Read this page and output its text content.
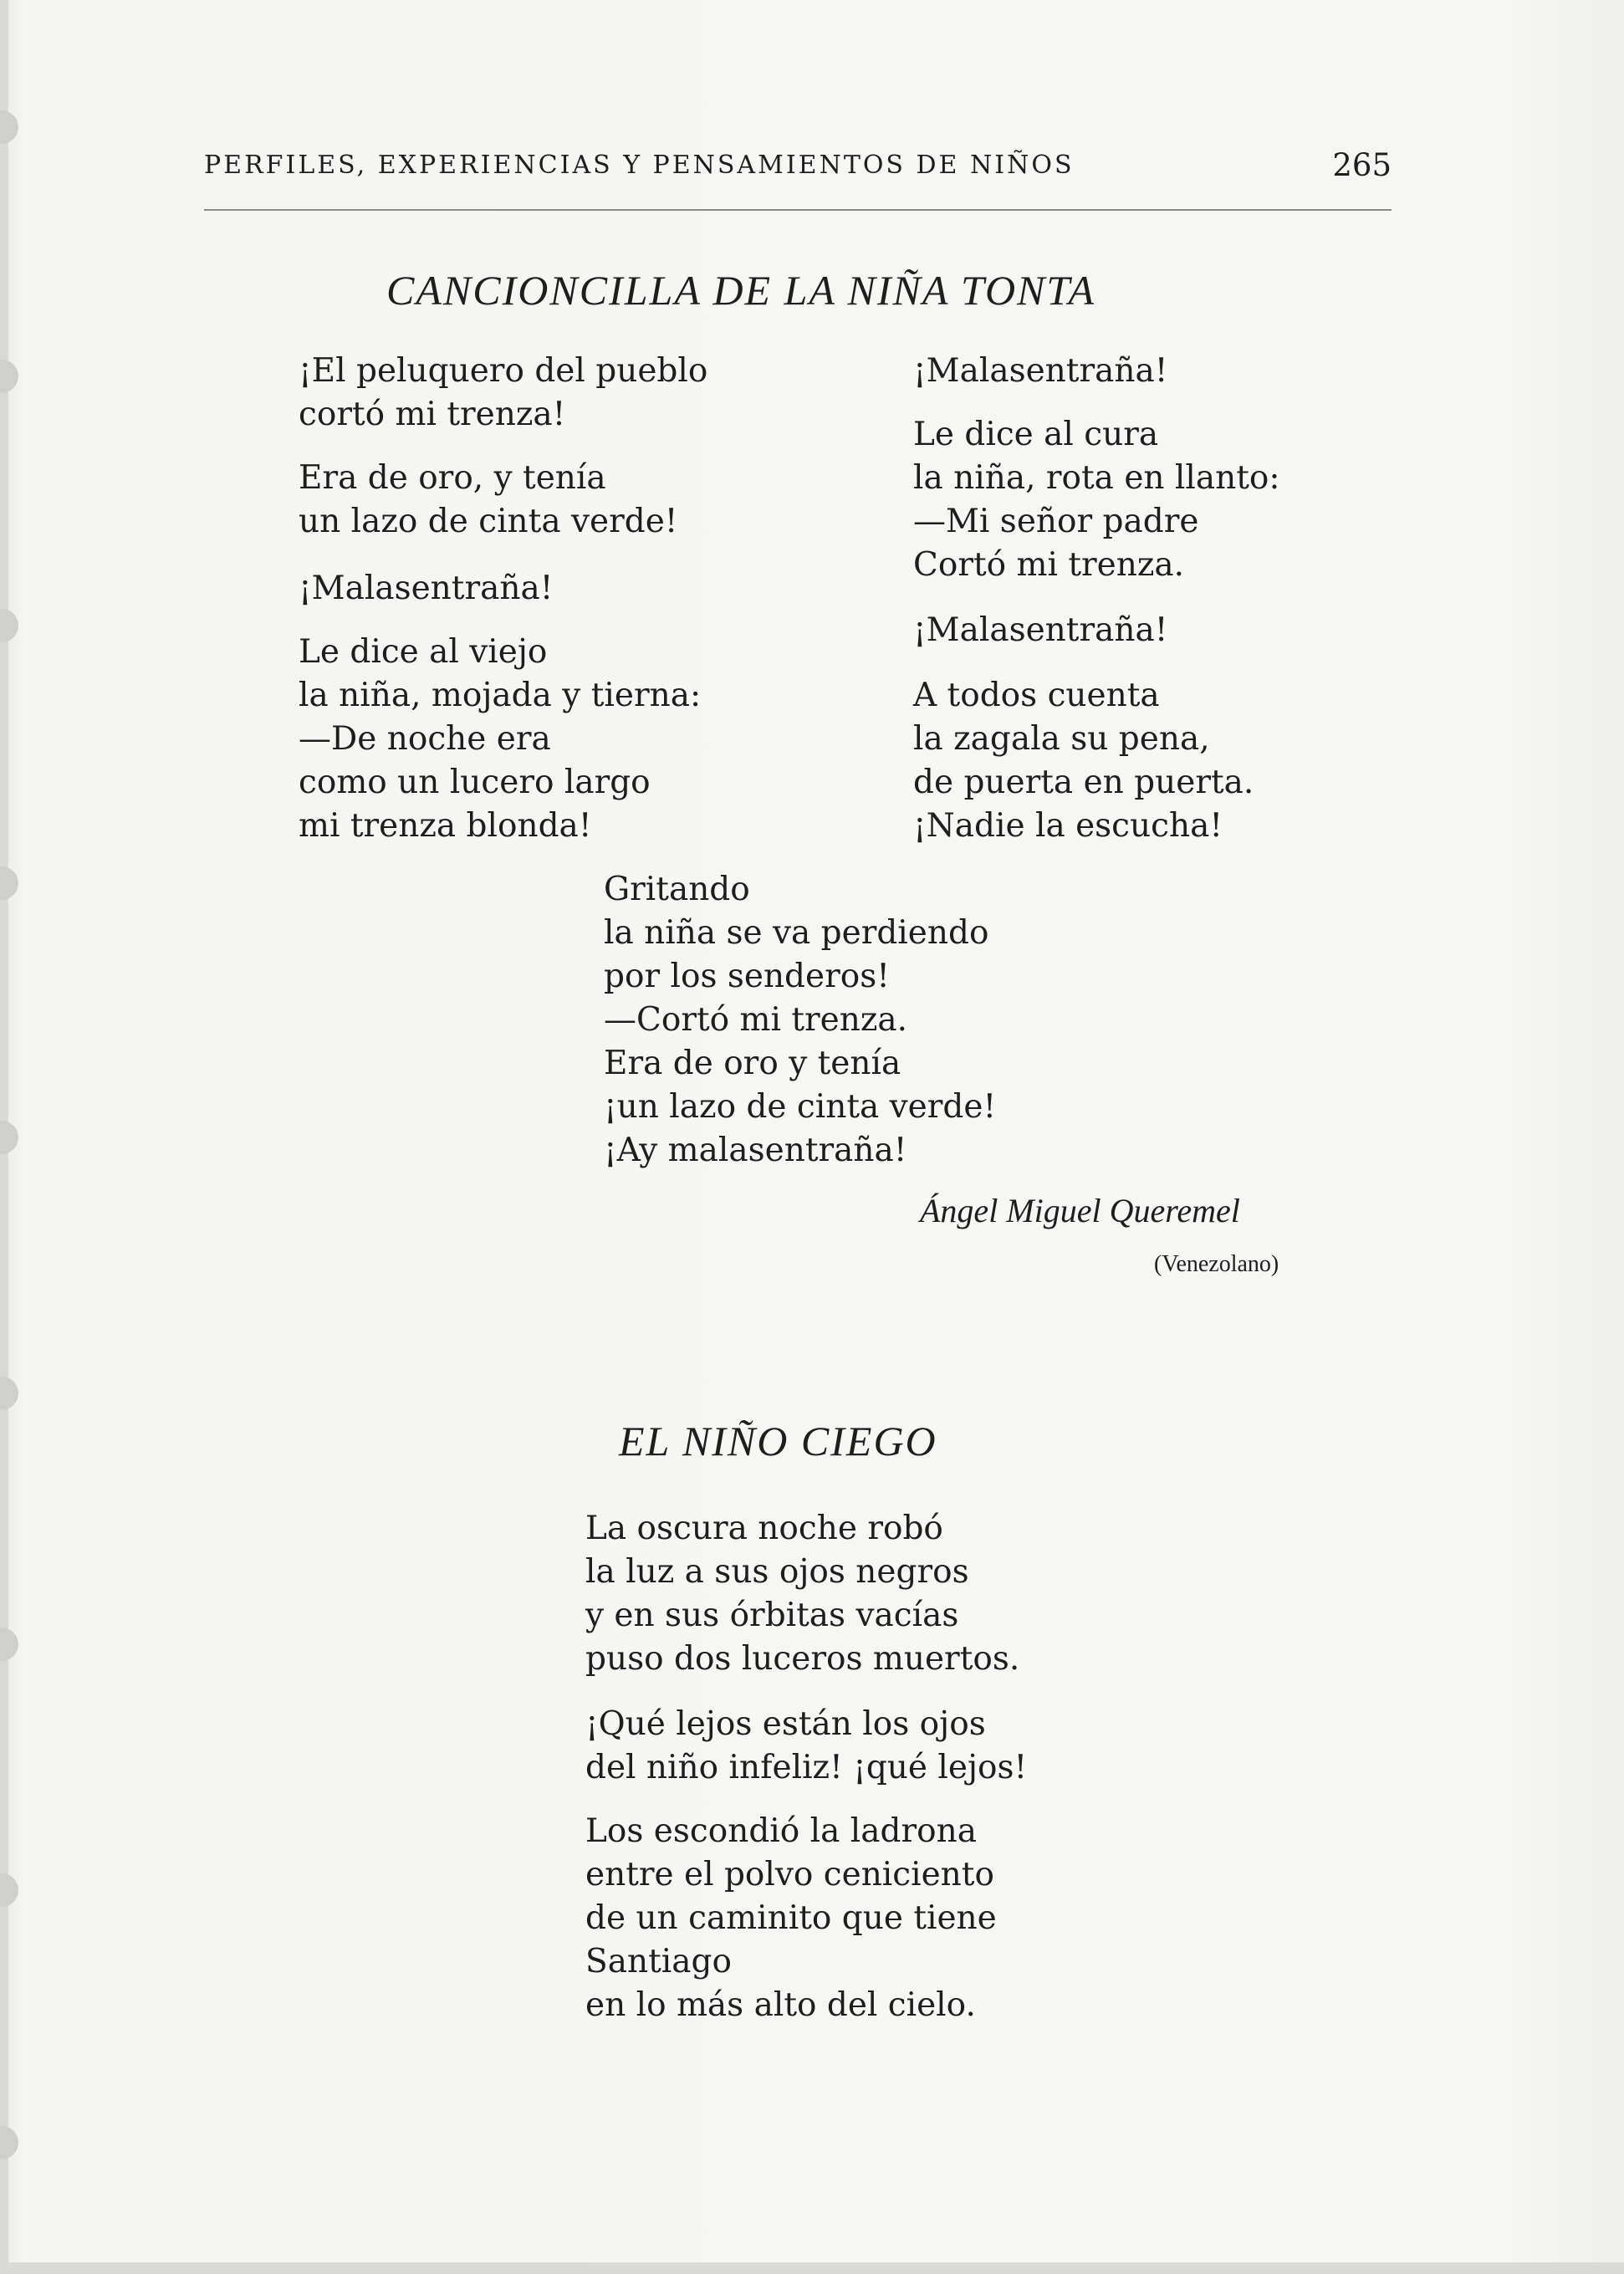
PERFILES, EXPERIENCIAS Y PENSAMIENTOS DE NIÑOS	265
CANCIONCILLA DE LA NIÑA TONTA
¡El peluquero del pueblo
cortó mi trenza!
Era de oro, y tenía
un lazo de cinta verde!
¡Malasentraña!
Le dice al viejo
la niña, mojada y tierna:
—De noche era
como un lucero largo
mi trenza blonda!
¡Malasentraña!
Le dice al cura
la niña, rota en llanto:
—Mi señor padre
Cortó mi trenza.
¡Malasentraña!
A todos cuenta
la zagala su pena,
de puerta en puerta.
¡Nadie la escucha!
Gritando
la niña se va perdiendo
por los senderos!
—Cortó mi trenza.
Era de oro y tenía
¡un lazo de cinta verde!
¡Ay malasentraña!
Ángel Miguel Queremel
(Venezolano)
EL NIÑO CIEGO
La oscura noche robó
la luz a sus ojos negros
y en sus órbitas vacías
puso dos luceros muertos.
¡Qué lejos están los ojos
del niño infeliz! ¡qué lejos!
Los escondió la ladrona
entre el polvo ceniciento
de un caminito que tiene
Santiago
en lo más alto del cielo.
